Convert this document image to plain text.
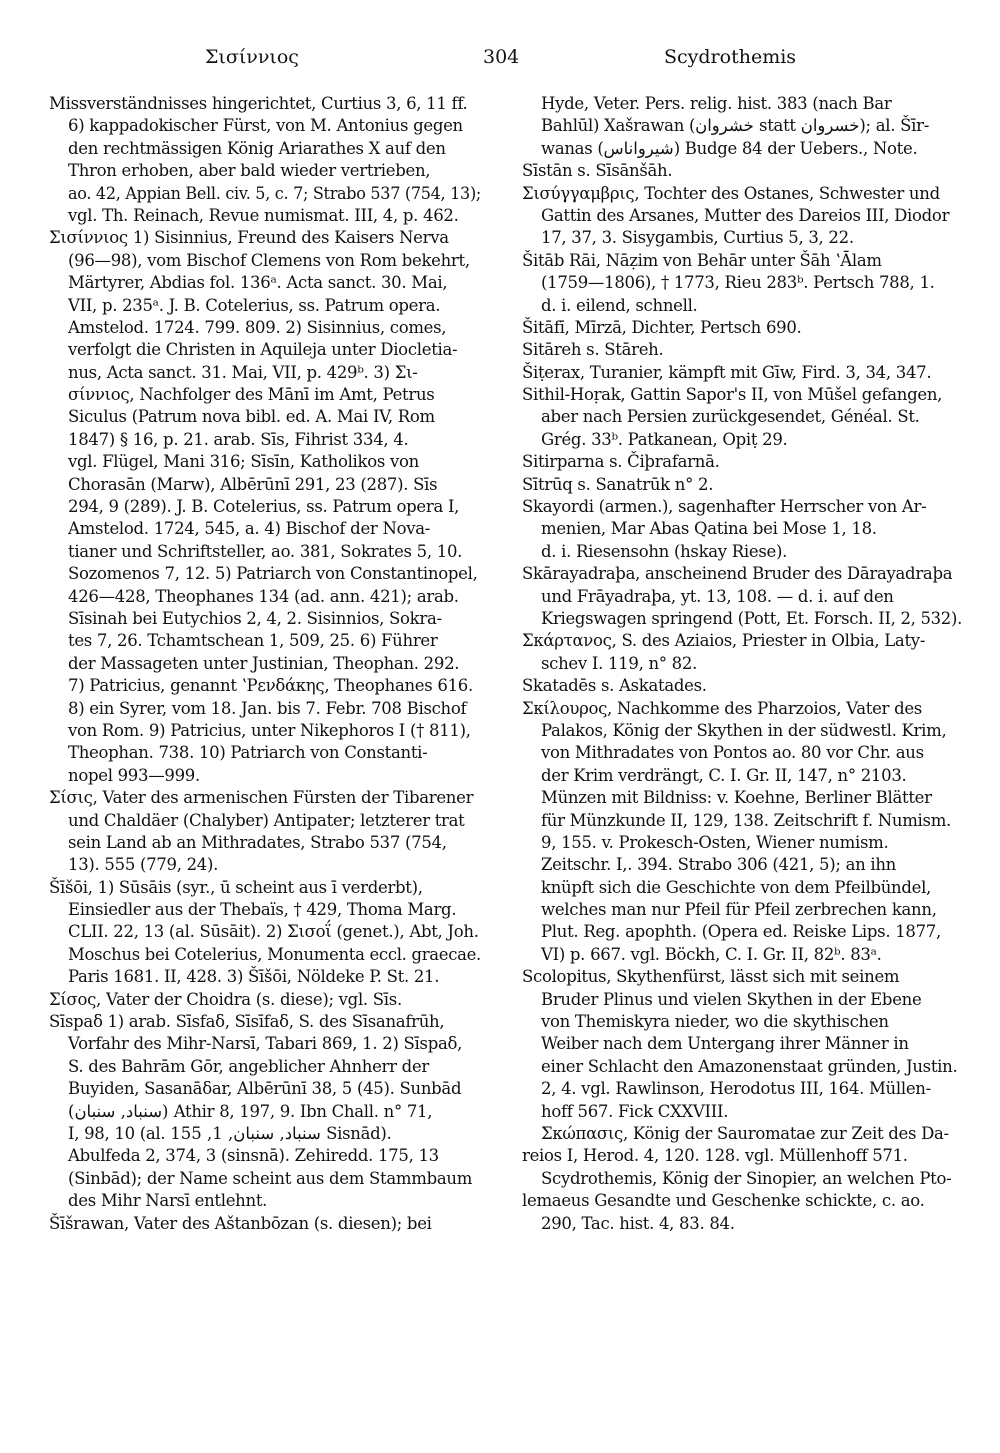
Σισίννιος	304	Scydrothemis
Missverständnisses hingerichtet, Curtius 3, 6, 11 ff.
6) kappadokischer Fürst, von M. Antonius gegen
den rechtmässigen König Ariarathes X auf den
Thron erhoben, aber bald wieder vertrieben,
ao. 42, Appian Bell. civ. 5, c. 7; Strabo 537 (754, 13);
vgl. Th. Reinach, Revue numismat. III, 4, p. 462.
Σισίννιος 1) Sisinnius, Freund des Kaisers Nerva
(96—98), vom Bischof Clemens von Rom bekehrt,
Märtyrer, Abdias fol. 136ᵃ. Acta sanct. 30. Mai,
VII, p. 235ᵃ. J. B. Cotelerius, ss. Patrum opera.
Amstelod. 1724. 799. 809. 2) Sisinnius, comes,
verfolgt die Christen in Aquileja unter Diocletia-
nus, Acta sanct. 31. Mai, VII, p. 429ᵇ. 3) Σι-
σίννιος, Nachfolger des Mānī im Amt, Petrus
Siculus (Patrum nova bibl. ed. A. Mai IV, Rom
1847) § 16, p. 21. arab. Sīs, Fihrist 334, 4.
vgl. Flügel, Mani 316; Sīsīn, Katholikos von
Chorasān (Marw), Albērūnī 291, 23 (287). Sīs
294, 9 (289). J. B. Cotelerius, ss. Patrum opera I,
Amstelod. 1724, 545, a. 4) Bischof der Nova-
tianer und Schriftsteller, ao. 381, Sokrates 5, 10.
Sozomenos 7, 12. 5) Patriarch von Constantinopel,
426—428, Theophanes 134 (ad. ann. 421); arab.
Sīsinah bei Eutychios 2, 4, 2. Sisinnios, Sokra-
tes 7, 26. Tchamtschean 1, 509, 25. 6) Führer
der Massageten unter Justinian, Theophan. 292.
7) Patricius, genannt ʽΡενδάκης, Theophanes 616.
8) ein Syrer, vom 18. Jan. bis 7. Febr. 708 Bischof
von Rom. 9) Patricius, unter Nikephoros I († 811),
Theophan. 738. 10) Patriarch von Constanti-
nopel 993—999.
Σίσις, Vater des armenischen Fürsten der Tibarener
und Chaldäer (Chalyber) Antipater; letzterer trat
sein Land ab an Mithradates, Strabo 537 (754,
13). 555 (779, 24).
Šīšōi, 1) Sūsāis (syr., ū scheint aus ī verderbt),
Einsiedler aus der Thebaïs, † 429, Thoma Marg.
CLII. 22, 13 (al. Sūsāit). 2) Σισοΐ (genet.), Abt, Joh.
Moschus bei Cotelerius, Monumenta eccl. graecae.
Paris 1681. II, 428. 3) Šīšōi, Nöldeke P. St. 21.
Σίσος, Vater der Choidra (s. diese); vgl. Sīs.
Sīspaδ 1) arab. Sīsfaδ, Sīsīfaδ, S. des Sīsanafrūh,
Vorfahr des Mihr-Narsī, Tabari 869, 1. 2) Sīspaδ,
S. des Bahrām Gōr, angeblicher Ahnherr der
Buyiden, Sasanāδar, Albērūnī 38, 5 (45). Sunbād
(سنباد, سنبان) Athir 8, 197, 9. Ibn Chall. n° 71,
I, 98, 10 (al. سنباد, سنبان, 1, 155 Sisnād).
Abulfeda 2, 374, 3 (sinsnā). Zehiredd. 175, 13
(Sinbād); der Name scheint aus dem Stammbaum
des Mihr Narsī entlehnt.
Šīšrawan, Vater des Aštanbōzan (s. diesen); bei
Hyde, Veter. Pers. relig. hist. 383 (nach Bar
Bahlūl) Xašrawan (خشروان statt خسروان); al. Šīr-
wanas (شیرواناس) Budge 84 der Uebers., Note.
Sīstān s. Sīsānšāh.
Σισύγγαμβρις, Tochter des Ostanes, Schwester und
Gattin des Arsanes, Mutter des Dareios III, Diodor
17, 37, 3. Sisygambis, Curtius 5, 3, 22.
Šitāb Rāi, Nāẓim von Behār unter Šāh ʽĀlam
(1759—1806), † 1773, Rieu 283ᵇ. Pertsch 788, 1.
d. i. eilend, schnell.
Šitāfī, Mīrzā, Dichter, Pertsch 690.
Sitāreh s. Stāreh.
Šiṭerax, Turanier, kämpft mit Gīw, Fird. 3, 34, 347.
Sithil-Hoṛak, Gattin Sapor's II, von Mūšel gefangen,
aber nach Persien zurückgesendet, Généal. St.
Grég. 33ᵇ. Patkanean, Opiṭ 29.
Sitirparna s. Čiþrafarnā.
Sītrūq s. Sanatrūk n° 2.
Skayordi (armen.), sagenhafter Herrscher von Ar-
menien, Mar Abas Qatina bei Mose 1, 18.
d. i. Riesensohn (hskay Riese).
Skārayadraþa, anscheinend Bruder des Dārayadraþa
und Frāyadraþa, yt. 13, 108. — d. i. auf den
Kriegswagen springend (Pott, Et. Forsch. II, 2, 532).
Σκάρτανος, S. des Aziaios, Priester in Olbia, Laty-
schev I. 119, n° 82.
Skatadēs s. Askatades.
Σκίλουρος, Nachkomme des Pharzoios, Vater des
Palakos, König der Skythen in der südwestl. Krim,
von Mithradates von Pontos ao. 80 vor Chr. aus
der Krim verdrängt, C. I. Gr. II, 147, n° 2103.
Münzen mit Bildniss: v. Koehne, Berliner Blätter
für Münzkunde II, 129, 138. Zeitschrift f. Numism.
9, 155. v. Prokesch-Osten, Wiener numism.
Zeitschr. I,. 394. Strabo 306 (421, 5); an ihn
knüpft sich die Geschichte von dem Pfeilbündel,
welches man nur Pfeil für Pfeil zerbrechen kann,
Plut. Reg. apophth. (Opera ed. Reiske Lips. 1877,
VI) p. 667. vgl. Böckh, C. I. Gr. II, 82ᵇ. 83ᵃ.
Scolopitus, Skythenfürst, lässt sich mit seinem
Bruder Plinus und vielen Skythen in der Ebene
von Themiskyra nieder, wo die skythischen
Weiber nach dem Untergang ihrer Männer in
einer Schlacht den Amazonenstaat gründen, Justin.
2, 4. vgl. Rawlinson, Herodotus III, 164. Müllen-
hoff 567. Fick CXXVIII.
Σκώπασις, König der Sauromatae zur Zeit des Da-
reios I, Herod. 4, 120. 128. vgl. Müllenhoff 571.
Scydrothemis, König der Sinopier, an welchen Pto-
lemaeus Gesandte und Geschenke schickte, c. ao.
290, Tac. hist. 4, 83. 84.
